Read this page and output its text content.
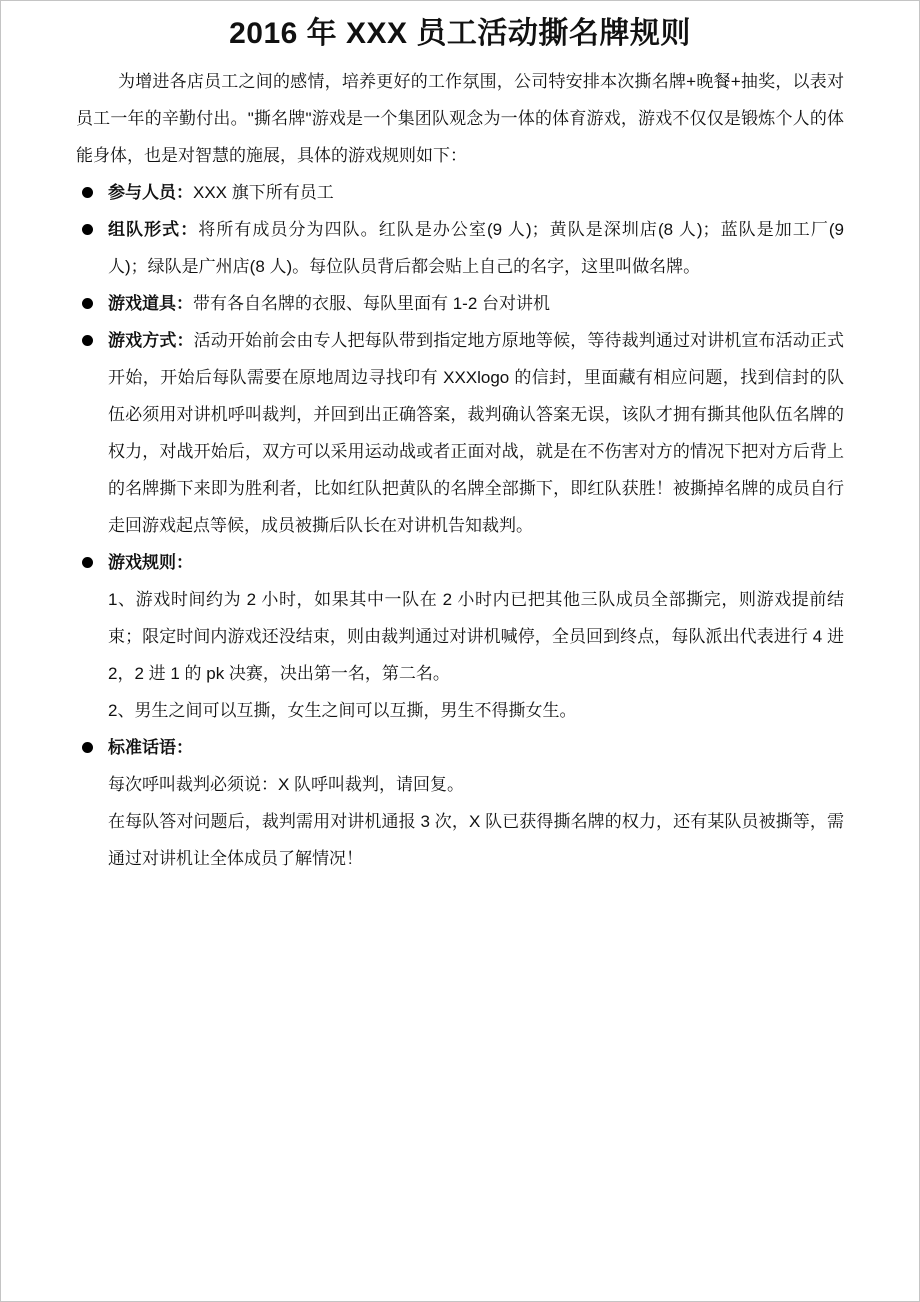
2016 年 XXX 员工活动撕名牌规则

为增进各店员工之间的感情，培养更好的工作氛围，公司特安排本次撕名牌+晚餐+抽奖，以表对员工一年的辛勤付出。"撕名牌"游戏是一个集团队观念为一体的体育游戏，游戏不仅仅是锻炼个人的体能身体，也是对智慧的施展，具体的游戏规则如下：

参与人员：XXX 旗下所有员工
组队形式：将所有成员分为四队。红队是办公室(9 人)；黄队是深圳店(8 人)；蓝队是加工厂(9 人)；绿队是广州店(8 人)。每位队员背后都会贴上自己的名字，这里叫做名牌。
游戏道具：带有各自名牌的衣服、每队里面有 1-2 台对讲机
游戏方式：活动开始前会由专人把每队带到指定地方原地等候，等待裁判通过对讲机宣布活动正式开始，开始后每队需要在原地周边寻找印有 XXXlogo 的信封，里面藏有相应问题，找到信封的队伍必须用对讲机呼叫裁判，并回到出正确答案，裁判确认答案无误，该队才拥有撕其他队伍名牌的权力，对战开始后，双方可以采用运动战或者正面对战，就是在不伤害对方的情况下把对方后背上的名牌撕下来即为胜利者，比如红队把黄队的名牌全部撕下，即红队获胜！被撕掉名牌的成员自行走回游戏起点等候，成员被撕后队长在对讲机告知裁判。
游戏规则：

1、游戏时间约为 2 小时，如果其中一队在 2 小时内已把其他三队成员全部撕完，则游戏提前结束；限定时间内游戏还没结束，则由裁判通过对讲机喊停，全员回到终点，每队派出代表进行 4 进 2，2 进 1 的 pk 决赛，决出第一名，第二名。

2、男生之间可以互撕，女生之间可以互撕，男生不得撕女生。

标准话语：

每次呼叫裁判必须说：X 队呼叫裁判，请回复。

在每队答对问题后，裁判需用对讲机通报 3 次，X 队已获得撕名牌的权力，还有某队员被撕等，需通过对讲机让全体成员了解情况！
